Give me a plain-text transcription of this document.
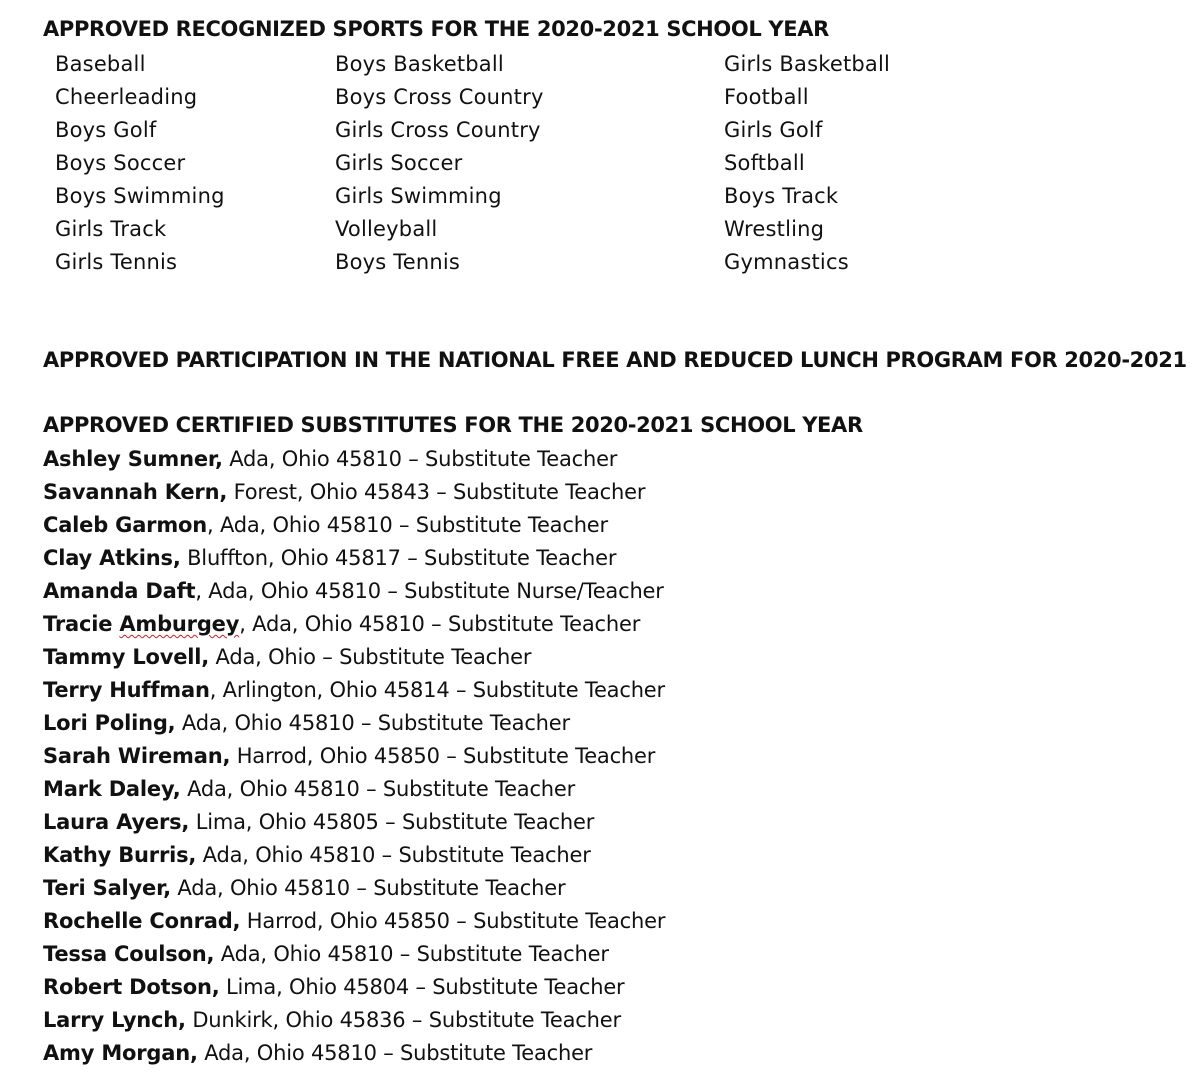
APPROVED RECOGNIZED SPORTS FOR THE 2020-2021 SCHOOL YEAR
Baseball
Cheerleading
Boys Golf
Boys Soccer
Boys Swimming
Girls Track
Girls Tennis
Boys Basketball
Boys Cross Country
Girls Cross Country
Girls Soccer
Girls Swimming
Volleyball
Boys Tennis
Girls Basketball
Football
Girls Golf
Softball
Boys Track
Wrestling
Gymnastics
APPROVED PARTICIPATION IN THE NATIONAL FREE AND REDUCED LUNCH PROGRAM FOR 2020-2021
APPROVED CERTIFIED SUBSTITUTES FOR THE 2020-2021 SCHOOL YEAR
Ashley Sumner, Ada, Ohio 45810 – Substitute Teacher
Savannah Kern, Forest, Ohio 45843 – Substitute Teacher
Caleb Garmon, Ada, Ohio 45810 – Substitute Teacher
Clay Atkins, Bluffton, Ohio 45817 – Substitute Teacher
Amanda Daft, Ada, Ohio 45810 – Substitute Nurse/Teacher
Tracie Amburgey, Ada, Ohio 45810 – Substitute Teacher
Tammy Lovell, Ada, Ohio – Substitute Teacher
Terry Huffman, Arlington, Ohio 45814 – Substitute Teacher
Lori Poling, Ada, Ohio 45810 – Substitute Teacher
Sarah Wireman, Harrod, Ohio 45850 – Substitute Teacher
Mark Daley, Ada, Ohio 45810 – Substitute Teacher
Laura Ayers, Lima, Ohio 45805 – Substitute Teacher
Kathy Burris, Ada, Ohio 45810 – Substitute Teacher
Teri Salyer, Ada, Ohio 45810 – Substitute Teacher
Rochelle Conrad, Harrod, Ohio 45850 – Substitute Teacher
Tessa Coulson, Ada, Ohio 45810 – Substitute Teacher
Robert Dotson, Lima, Ohio 45804 – Substitute Teacher
Larry Lynch, Dunkirk, Ohio 45836 – Substitute Teacher
Amy Morgan, Ada, Ohio 45810 – Substitute Teacher
